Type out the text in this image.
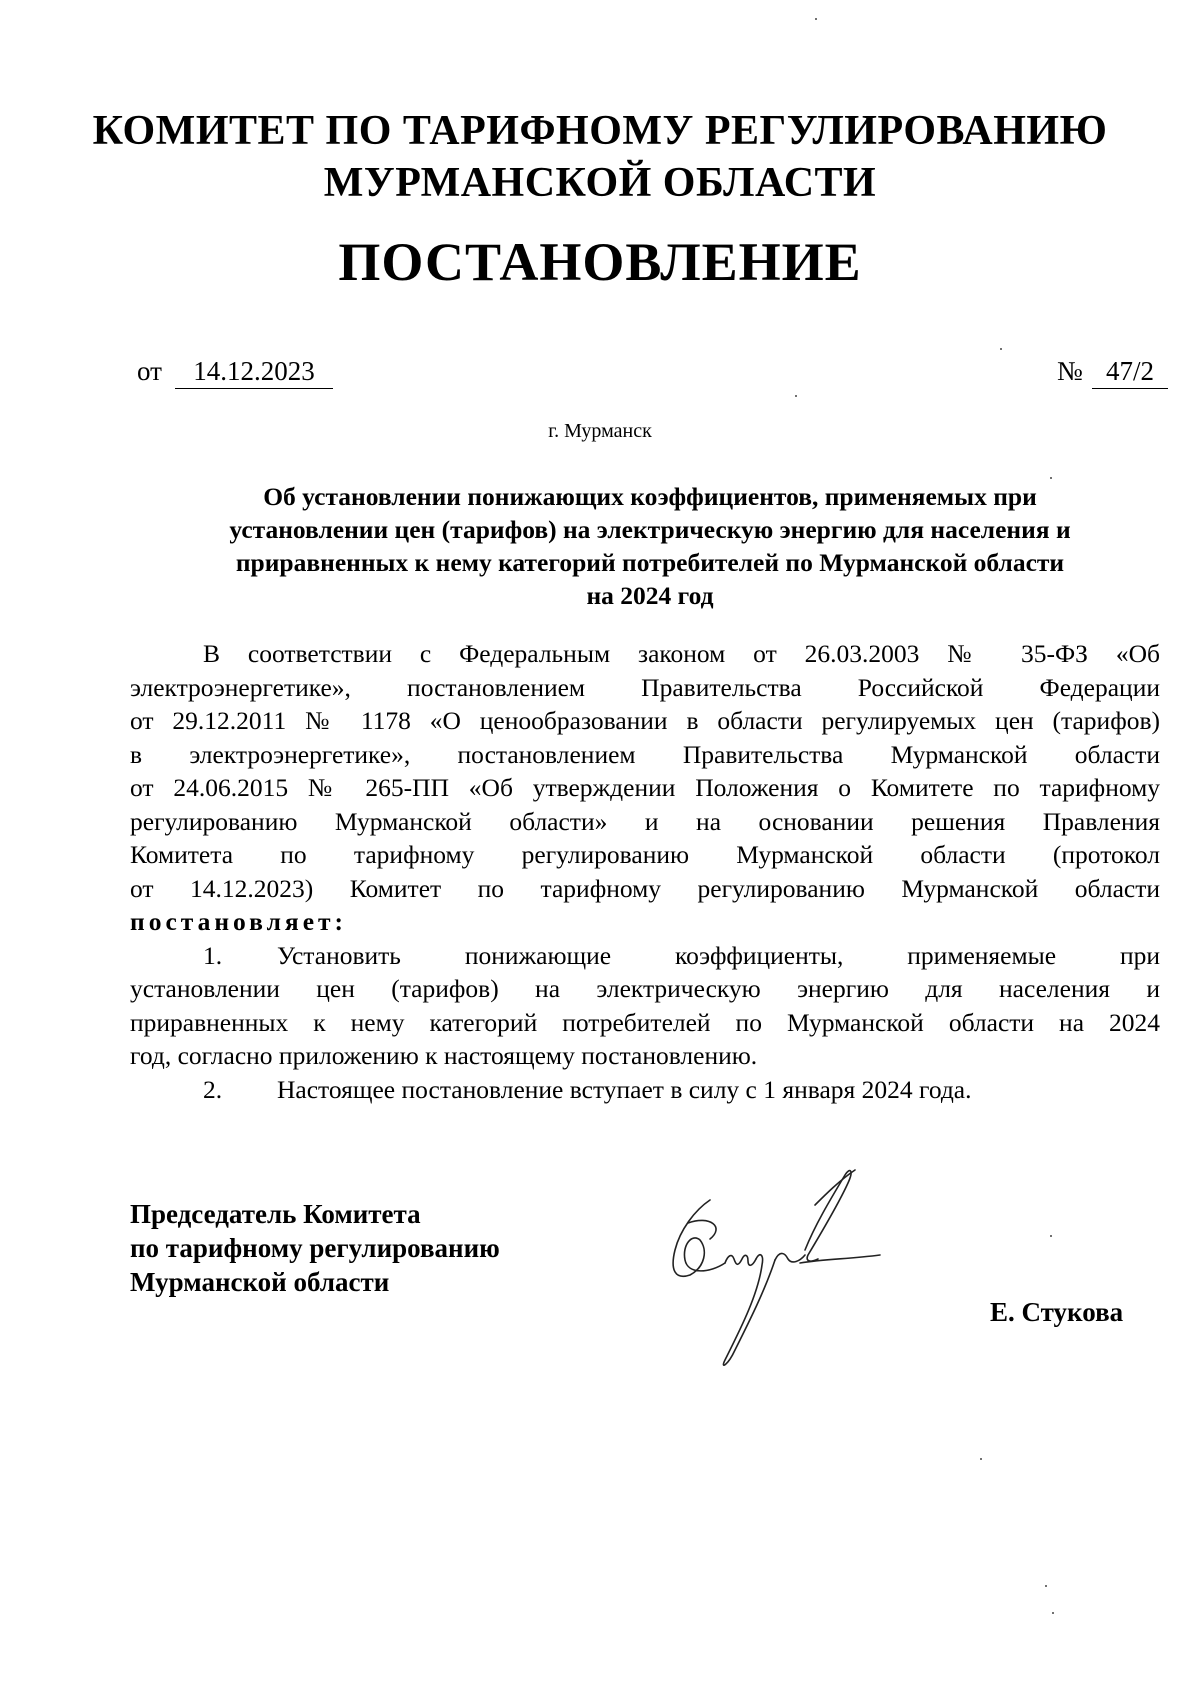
КОМИТЕТ ПО ТАРИФНОМУ РЕГУЛИРОВАНИЮ
МУРМАНСКОЙ ОБЛАСТИ
ПОСТАНОВЛЕНИЕ
от	14.12.2023	№ 47/2
г. Мурманск
Об установлении понижающих коэффициентов, применяемых при
установлении цен (тарифов) на электрическую энергию для населения и
приравненных к нему категорий потребителей по Мурманской области
на 2024 год
В соответствии с Федеральным законом от 26.03.2003 № 35-ФЗ «Об
электроэнергетике», постановлением Правительства Российской Федерации
от 29.12.2011 № 1178 «О ценообразовании в области регулируемых цен (тарифов)
в электроэнергетике», постановлением Правительства Мурманской области
от 24.06.2015 № 265-ПП «Об утверждении Положения о Комитете по тарифному
регулированию Мурманской области» и на основании решения Правления
Комитета по тарифному регулированию Мурманской области (протокол
от 14.12.2023) Комитет по тарифному регулированию Мурманской области
постановляет:
1. Установить понижающие коэффициенты, применяемые при
установлении цен (тарифов) на электрическую энергию для населения и
приравненных к нему категорий потребителей по Мурманской области на 2024
год, согласно приложению к настоящему постановлению.
2. Настоящее постановление вступает в силу с 1 января 2024 года.
Председатель Комитета
по тарифному регулированию
Мурманской области
Е. Стукова
